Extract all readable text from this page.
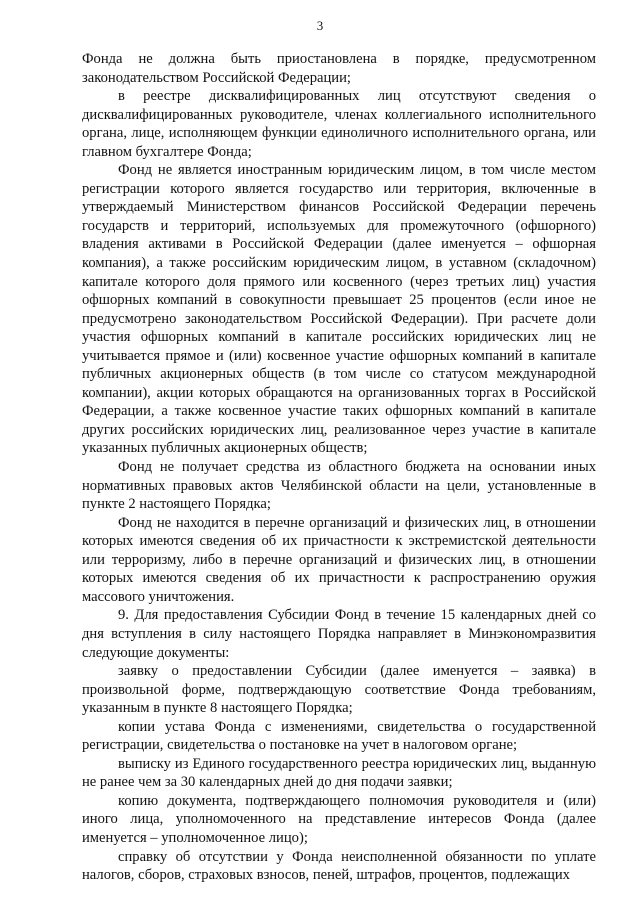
3

Фонда не должна быть приостановлена в порядке, предусмотренном законодательством Российской Федерации;

в реестре дисквалифицированных лиц отсутствуют сведения о дисквалифицированных руководителе, членах коллегиального исполнительного органа, лице, исполняющем функции единоличного исполнительного органа, или главном бухгалтере Фонда;

Фонд не является иностранным юридическим лицом, в том числе местом регистрации которого является государство или территория, включенные в утверждаемый Министерством финансов Российской Федерации перечень государств и территорий, используемых для промежуточного (офшорного) владения активами в Российской Федерации (далее именуется – офшорная компания), а также российским юридическим лицом, в уставном (складочном) капитале которого доля прямого или косвенного (через третьих лиц) участия офшорных компаний в совокупности превышает 25 процентов (если иное не предусмотрено законодательством Российской Федерации). При расчете доли участия офшорных компаний в капитале российских юридических лиц не учитывается прямое и (или) косвенное участие офшорных компаний в капитале публичных акционерных обществ (в том числе со статусом международной компании), акции которых обращаются на организованных торгах в Российской Федерации, а также косвенное участие таких офшорных компаний в капитале других российских юридических лиц, реализованное через участие в капитале указанных публичных акционерных обществ;

Фонд не получает средства из областного бюджета на основании иных нормативных правовых актов Челябинской области на цели, установленные в пункте 2 настоящего Порядка;

Фонд не находится в перечне организаций и физических лиц, в отношении которых имеются сведения об их причастности к экстремистской деятельности или терроризму, либо в перечне организаций и физических лиц, в отношении которых имеются сведения об их причастности к распространению оружия массового уничтожения.

9. Для предоставления Субсидии Фонд в течение 15 календарных дней со дня вступления в силу настоящего Порядка направляет в Минэкономразвития следующие документы:

заявку о предоставлении Субсидии (далее именуется – заявка) в произвольной форме, подтверждающую соответствие Фонда требованиям, указанным в пункте 8 настоящего Порядка;

копии устава Фонда с изменениями, свидетельства о государственной регистрации, свидетельства о постановке на учет в налоговом органе;

выписку из Единого государственного реестра юридических лиц, выданную не ранее чем за 30 календарных дней до дня подачи заявки;

копию документа, подтверждающего полномочия руководителя и (или) иного лица, уполномоченного на представление интересов Фонда (далее именуется – уполномоченное лицо);

справку об отсутствии у Фонда неисполненной обязанности по уплате налогов, сборов, страховых взносов, пеней, штрафов, процентов, подлежащих
